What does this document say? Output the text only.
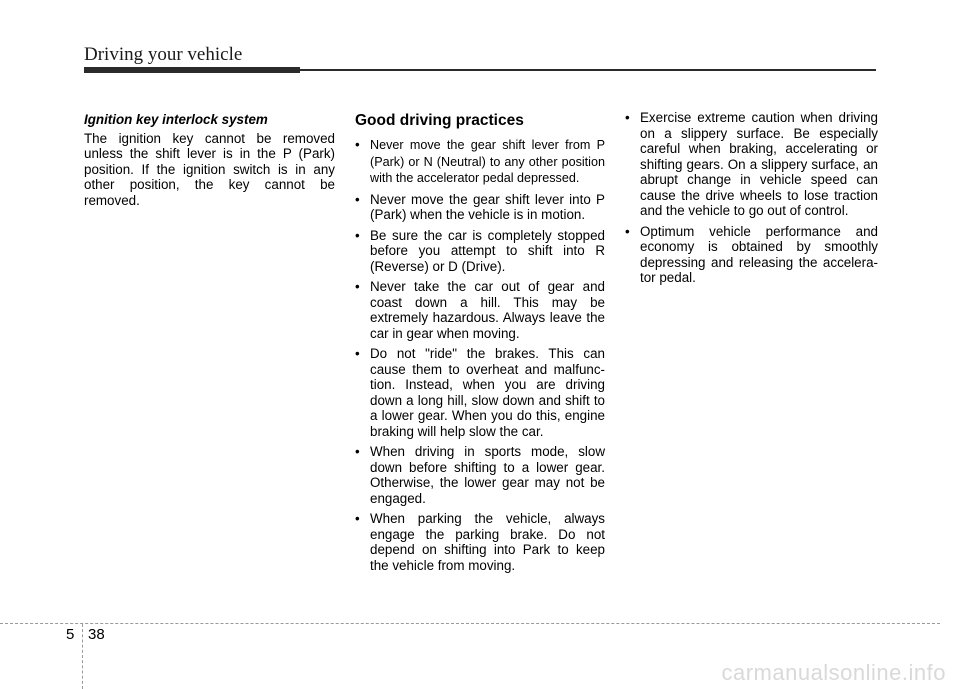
Driving your vehicle

Ignition key interlock system

The ignition key cannot be removed unless the shift lever is in the P (Park) position. If the ignition switch is in any other position, the key cannot be removed.

Good driving practices

• Never move the gear shift lever from P (Park) or N (Neutral) to any other position with the accelerator pedal depressed.
• Never move the gear shift lever into P (Park) when the vehicle is in motion.
• Be sure the car is completely stopped before you attempt to shift into R (Reverse) or D (Drive).
• Never take the car out of gear and coast down a hill. This may be extremely hazardous. Always leave the car in gear when moving.
• Do not "ride" the brakes. This can cause them to overheat and malfunc-tion. Instead, when you are driving down a long hill, slow down and shift to a lower gear. When you do this, engine braking will help slow the car.
• When driving in sports mode, slow down before shifting to a lower gear. Otherwise, the lower gear may not be engaged.
• When parking the vehicle, always engage the parking brake. Do not depend on shifting into Park to keep the vehicle from moving.
• Exercise extreme caution when driving on a slippery surface. Be especially careful when braking, accelerating or shifting gears. On a slippery surface, an abrupt change in vehicle speed can cause the drive wheels to lose traction and the vehicle to go out of control.
• Optimum vehicle performance and economy is obtained by smoothly depressing and releasing the accelera-tor pedal.
5 38
carmanualsonline.info
